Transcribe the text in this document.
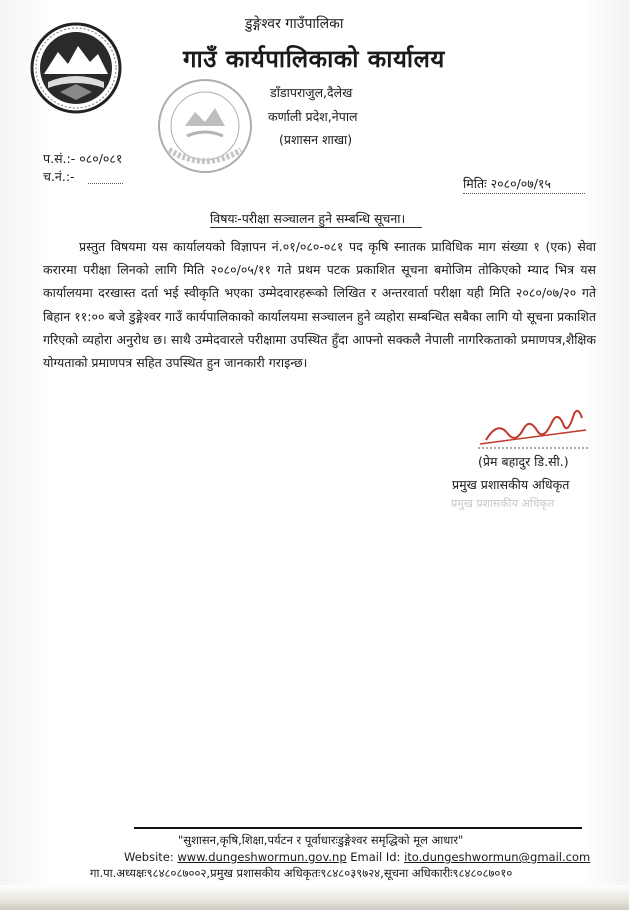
डुङ्गेश्वर गाउँपालिका
गाउँ कार्यपालिकाको कार्यालय
डाँडापराजुल,दैलेख
कर्णाली प्रदेश,नेपाल
(प्रशासन शाखा)
प.सं.:- ०८०/०८१
च.नं.:-	मितिः २०८०/०७/१५
विषयः-परीक्षा सञ्चालन हुने सम्बन्धि सूचना।
प्रस्तुत विषयमा यस कार्यालयको विज्ञापन नं.०१/०८०-०८१ पद कृषि स्नातक प्राविधिक माग संख्या १ (एक) सेवा करारमा परीक्षा लिनको लागि मिति २०८०/०५/११ गते प्रथम पटक प्रकाशित सूचना बमोजिम तोकिएको म्याद भित्र यस कार्यालयमा दरखास्त दर्ता भई स्वीकृति भएका उम्मेदवारहरूको लिखित र अन्तरवार्ता परीक्षा यही मिति २०८०/०७/२० गते बिहान ११:०० बजे डुङ्गेश्वर गाउँ कार्यपालिकाको कार्यालयमा सञ्चालन हुने व्यहोरा सम्बन्धित सबैका लागि यो सूचना प्रकाशित गरिएको व्यहोरा अनुरोध छ। साथै उम्मेदवारले परीक्षामा उपस्थित हुँदा आफ्नो सक्कलै नेपाली नागरिकताको प्रमाणपत्र,शैक्षिक योग्यताको प्रमाणपत्र सहित उपस्थित हुन जानकारी गराइन्छ।
(प्रेम बहादुर डि.सी.)
प्रमुख प्रशासकीय अधिकृत
प्रमुख प्रशासकीय अधिकृत
"सुशासन,कृषि,शिक्षा,पर्यटन र पूर्वाधारःडुङ्गेश्वर समृद्धिको मूल आधार"
Website: www.dungeshwormun.gov.np Email Id: ito.dungeshwormun@gmail.com
गा.पा.अध्यक्षः९८४८०८७००२,प्रमुख प्रशासकीय अधिकृतः९८४८०३९७२४,सूचना अधिकारीः९८४८०८७०१०
